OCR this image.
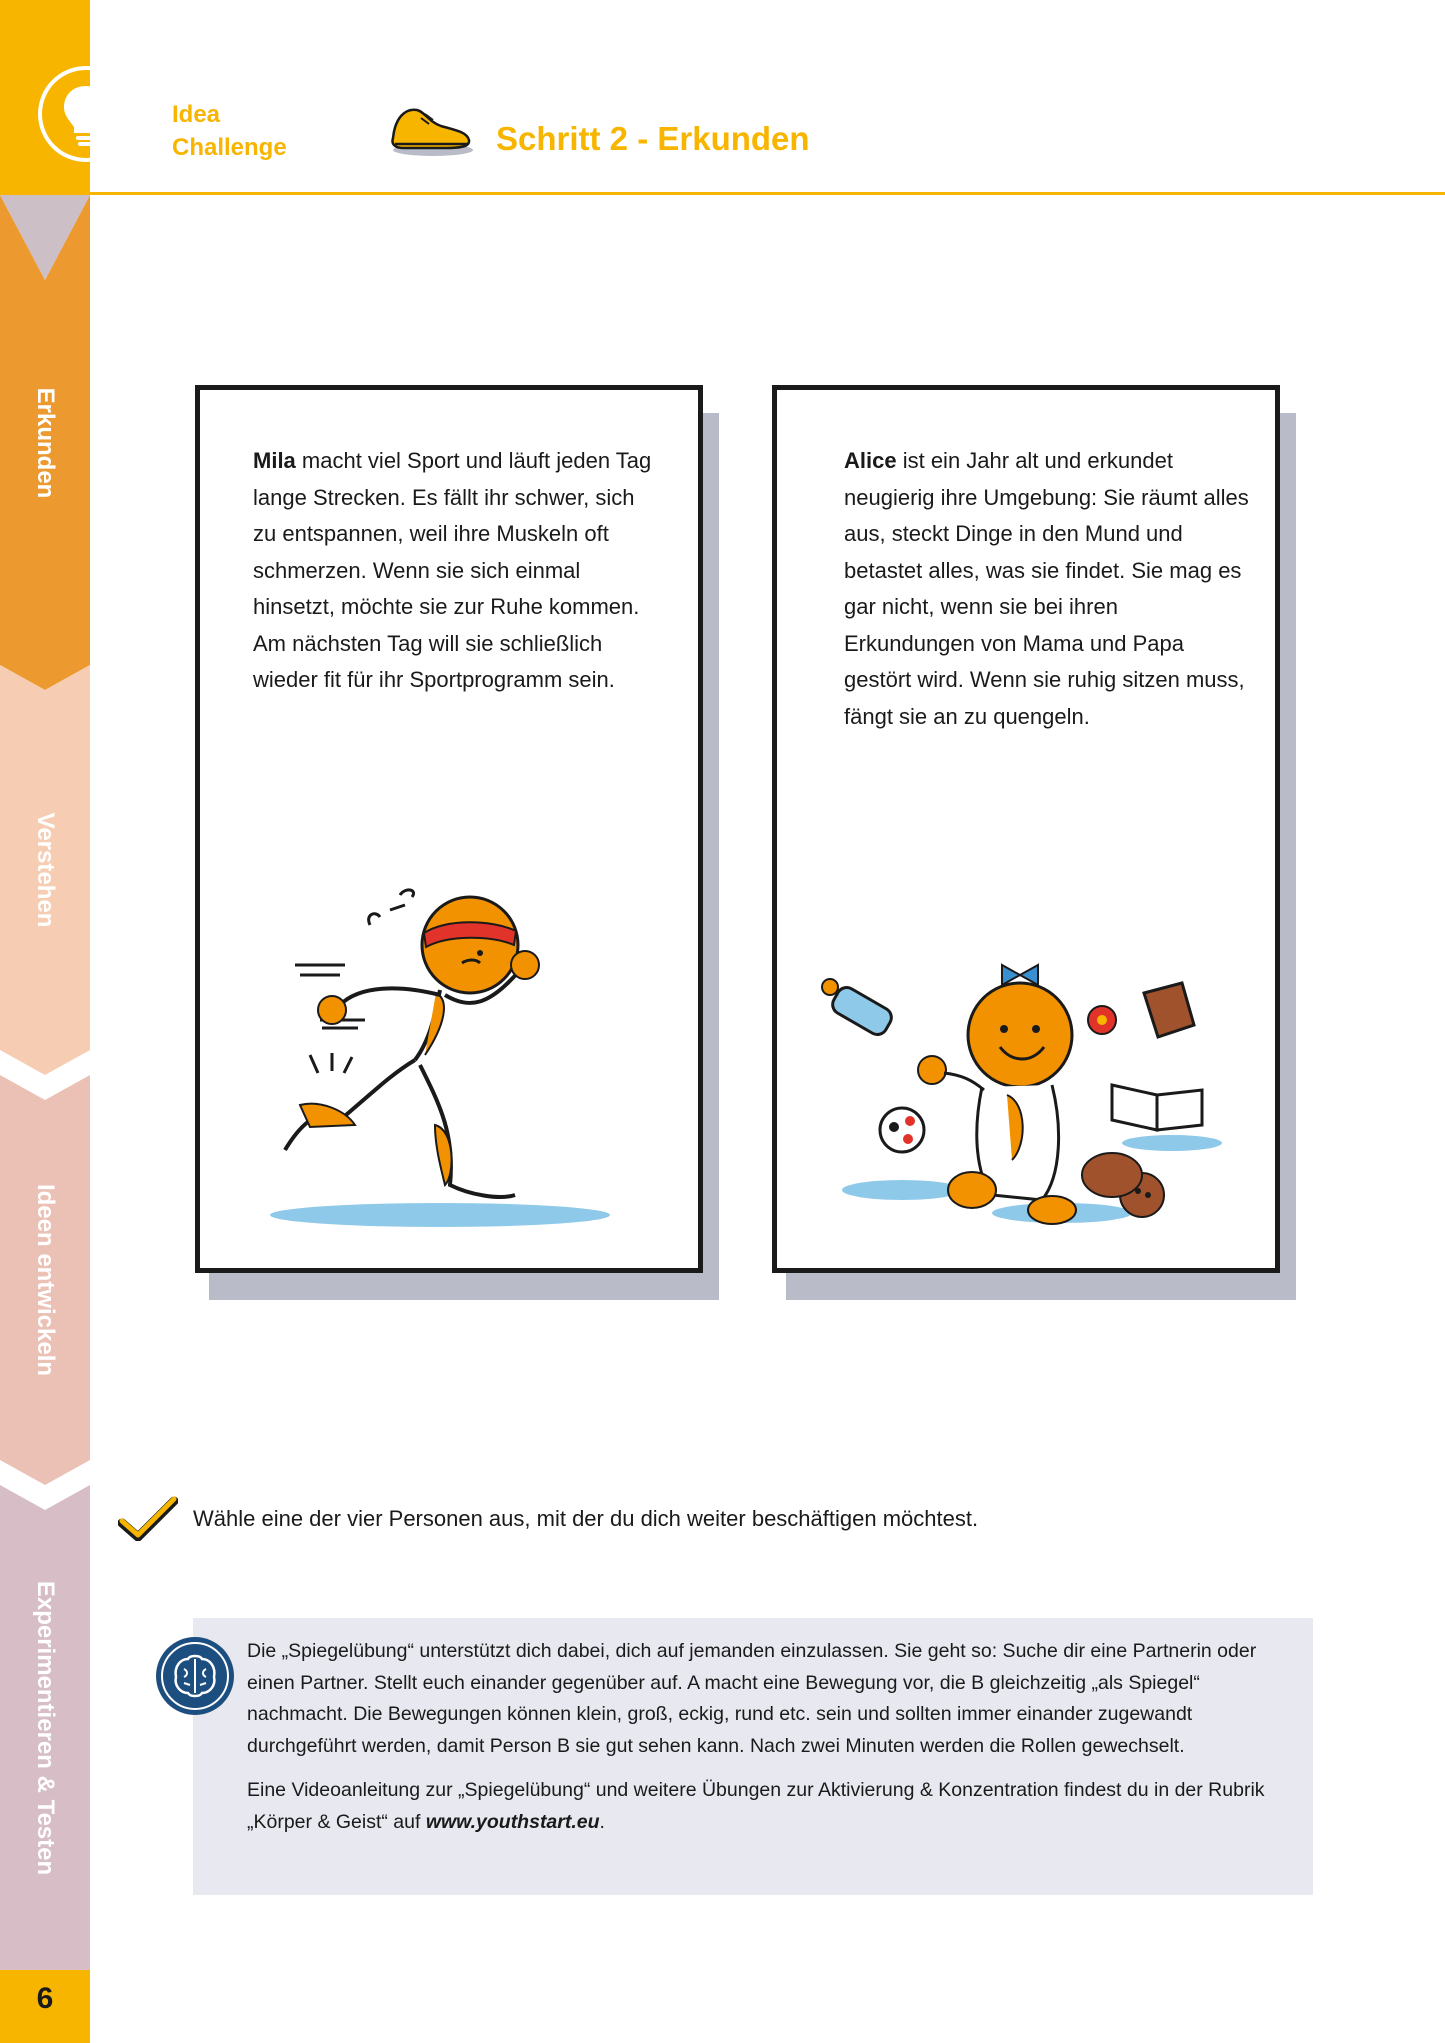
Erkunden
Verstehen
Ideen entwickeln
Experimentieren & Testen
6
Idea
Challenge	Schritt 2 - Erkunden
Mila macht viel Sport und läuft jeden Tag lange Strecken. Es fällt ihr schwer, sich zu entspannen, weil ihre Muskeln oft schmerzen. Wenn sie sich einmal hinsetzt, möchte sie zur Ruhe kommen. Am nächsten Tag will sie schließlich wieder fit für ihr Sportprogramm sein.
Alice ist ein Jahr alt und erkundet neugierig ihre Umgebung: Sie räumt alles aus, steckt Dinge in den Mund und betastet alles, was sie findet. Sie mag es gar nicht, wenn sie bei ihren Erkundungen von Mama und Papa gestört wird. Wenn sie ruhig sitzen muss, fängt sie an zu quengeln.
Wähle eine der vier Personen aus, mit der du dich weiter beschäftigen möchtest.

Die „Spiegelübung“ unterstützt dich dabei, dich auf jemanden einzulassen. Sie geht so: Suche dir eine Partnerin oder einen Partner. Stellt euch einander gegenüber auf. A macht eine Bewegung vor, die B gleichzeitig „als Spiegel“ nachmacht. Die Bewegungen können klein, groß, eckig, rund etc. sein und sollten immer einander zugewandt durchgeführt werden, damit Person B sie gut sehen kann. Nach zwei Minuten werden die Rollen gewechselt.

Eine Videoanleitung zur „Spiegelübung“ und weitere Übungen zur Aktivierung & Konzentration findest du in der Rubrik „Körper & Geist“ auf www.youthstart.eu.
